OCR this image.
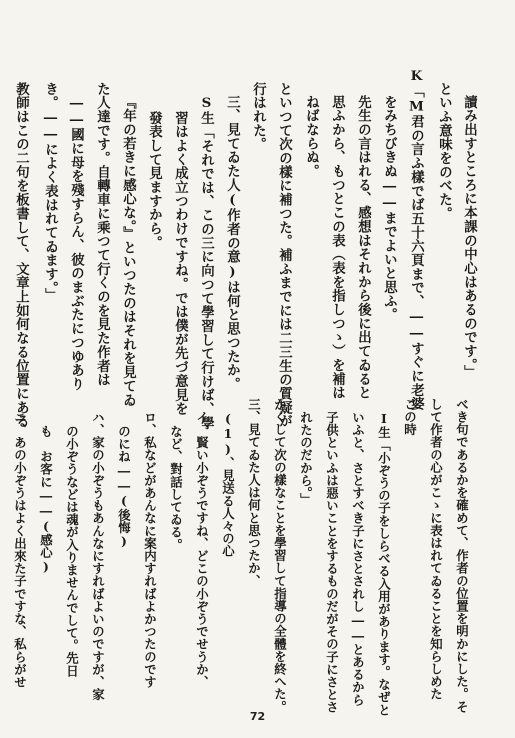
讀み出すところに本課の中心はあるのです。」
といふ意味をのべた。
K「M君の言ふ樣でば五十六頁まで、――すぐに老婆
をみちびきぬ――までよいと思ふ。
先生の言はれる、感想はそれから後に出てゐると
思ふから、もつとこの表（表を指しつゝ）を補は
ねばならぬ。
といつて次の樣に補つた。補ふまでには二三生の質疑が
行はれた。
三、見てゐた人(作者の意)は何と思つたか。
S生「それでは、この三に向つて學習して行けば、學
習はよく成立つわけですね。では僕が先づ意見を
發表して見ますから。
『年の若きに感心な。』といつたのはそれを見てゐ
た人達です。自轉車に乘つて行くのを見た作者は
――國に母を殘すらん、彼のまぶたにつゆあり
き。――によく表はれてゐます。」
教師はこの二句を板書して、文章上如何なる位置にある
べき句であるかを確めて、作者の位置を明かにした。そ
して作者の心がこゝに表はれてゐることを知らしめた
この時
I生「小ぞうの子をしらべる入用があります。なぜと
いふと、さとすべき子にさとされし――とあるから
子供といふは惡いことをするものだがその子にさとさ
れたのだから。」
かくして次の樣なことを學習して指導の全體を終へた。
三、見てゐた人は何と思つたか、
(1)、見送る人々の心
イ、賢い小ぞうですね、どこの小ぞうでせうか、
など、對話してゐる。
ロ、私などがあんなに案内すればよかつたのです
のにね――(後悔)
ハ、家の小ぞうもあんなにすればよいのですが、家
の小ぞうなどは魂が入りませんでして。先日
も　お客に――(感心)
ニ、あの小ぞうはよく出來た子ですな、私らがせ
72
